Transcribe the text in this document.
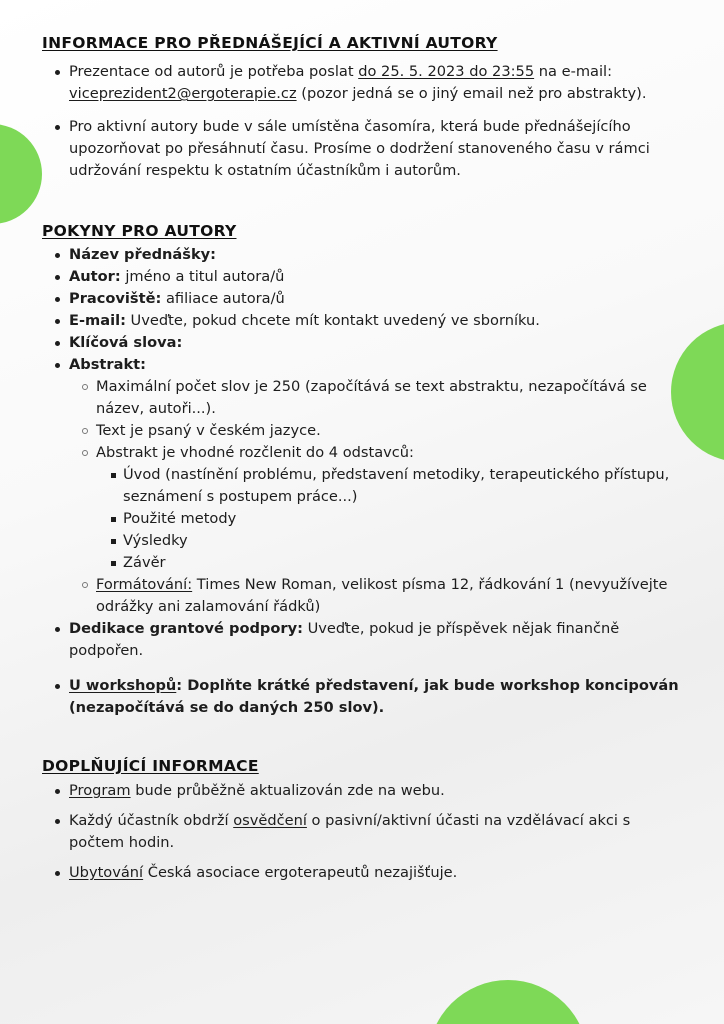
INFORMACE PRO PŘEDNÁŠEJÍCÍ A AKTIVNÍ AUTORY
Prezentace od autorů je potřeba poslat do 25. 5. 2023 do 23:55 na e-mail: viceprezident2@ergoterapie.cz (pozor jedná se o jiný email než pro abstrakty).
Pro aktivní autory bude v sále umístěna časomíra, která bude přednášejícího upozorňovat po přesáhnutí času. Prosíme o dodržení stanoveného času v rámci udržování respektu k ostatním účastníkům i autorům.
POKYNY PRO AUTORY
Název přednášky:
Autor: jméno a titul autora/ů
Pracoviště: afiliace autora/ů
E-mail: Uveďte, pokud chcete mít kontakt uvedený ve sborníku.
Klíčová slova:
Abstrakt:
Maximální počet slov je 250 (započítává se text abstraktu, nezapočítává se název, autoři...).
Text je psaný v českém jazyce.
Abstrakt je vhodné rozčlenit do 4 odstavců:
Úvod (nastínění problému, představení metodiky, terapeutického přístupu, seznámení s postupem práce...)
Použité metody
Výsledky
Závěr
Formátování: Times New Roman, velikost písma 12, řádkování 1 (nevyužívejte odrážky ani zalamování řádků)
Dedikace grantové podpory: Uveďte, pokud je příspěvek nějak finančně podpořen.
U workshopů: Doplňte krátké představení, jak bude workshop koncipován (nezapočítává se do daných 250 slov).
DOPLŇUJÍCÍ INFORMACE
Program bude průběžně aktualizován zde na webu.
Každý účastník obdrží osvědčení o pasivní/aktivní účasti na vzdělávací akci s počtem hodin.
Ubytování Česká asociace ergoterapeutů nezajišťuje.
